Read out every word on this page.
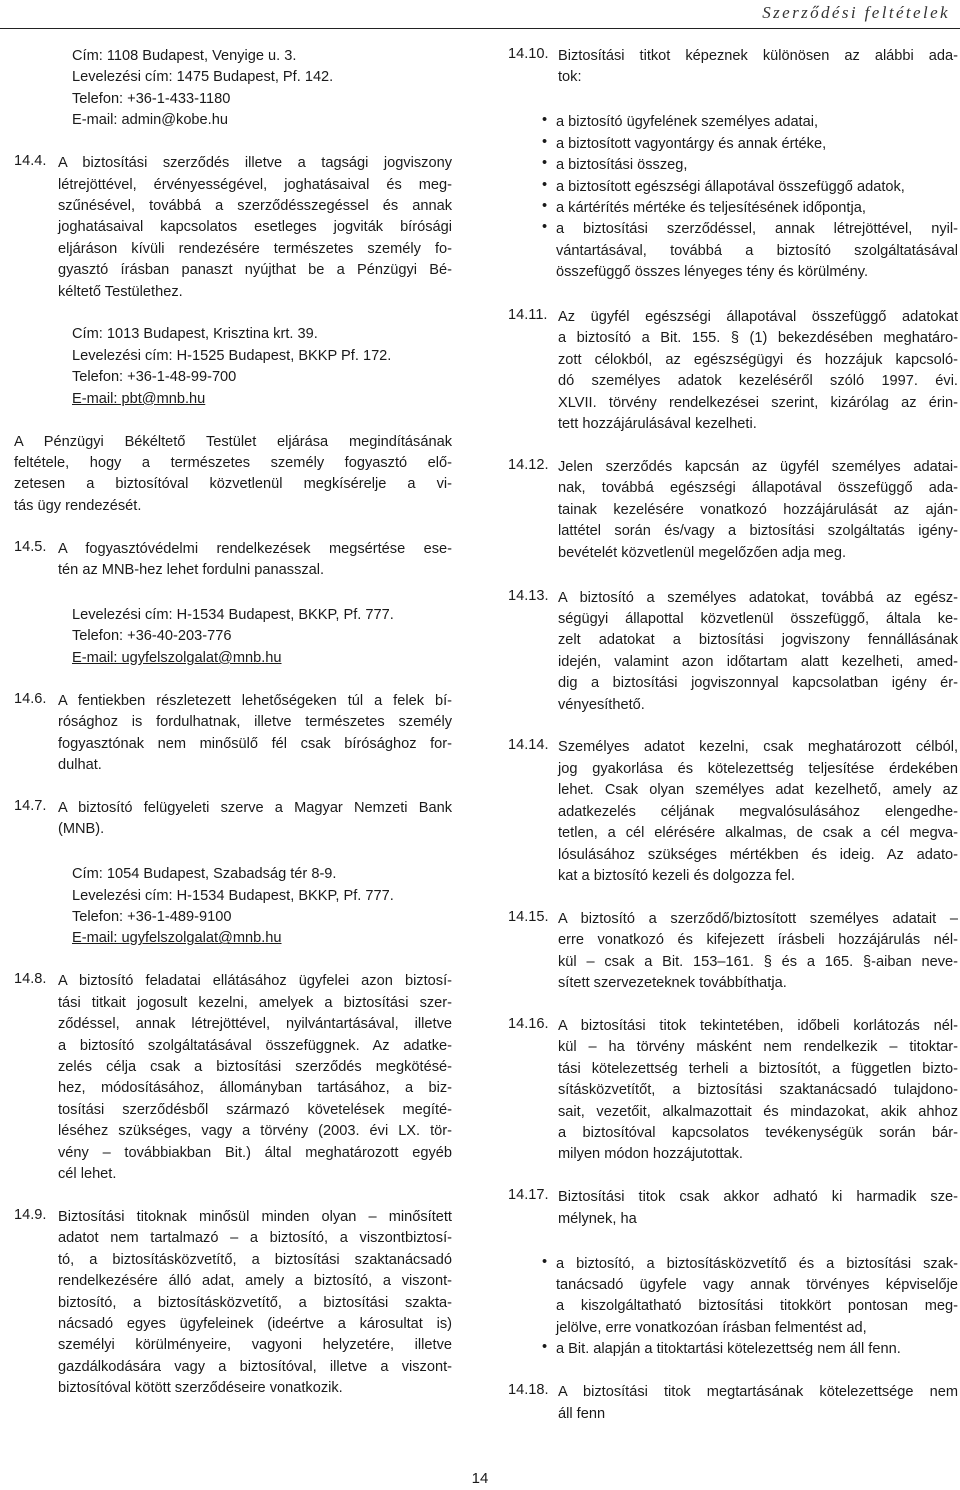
Szerződési feltételek
Cím: 1108 Budapest, Venyige u. 3.
Levelezési cím: 1475 Budapest, Pf. 142.
Telefon: +36-1-433-1180
E-mail: admin@kobe.hu
14.4. A biztosítási szerződés illetve a tagsági jogviszony
létrejöttével, érvényességével, joghatásaival és meg-
szűnésével, továbbá a szerződésszegéssel és annak
joghatásaival kapcsolatos esetleges jogviták bírósági
eljáráson kívüli rendezésére természetes személy fo-
gyasztó írásban panaszt nyújthat be a Pénzügyi Bé-
kéltető Testülethez.
Cím: 1013 Budapest, Krisztina krt. 39.
Levelezési cím: H-1525 Budapest, BKKP Pf. 172.
Telefon: +36-1-48-99-700
E-mail: pbt@mnb.hu
A Pénzügyi Békéltető Testület eljárása megindításának
feltétele, hogy a természetes személy fogyasztó elő-
zetesen a biztosítóval közvetlenül megkísérelje a vi-
tás ügy rendezését.
14.5. A fogyasztóvédelmi rendelkezések megsértése ese-
tén az MNB-hez lehet fordulni panasszal.
Levelezési cím: H-1534 Budapest, BKKP, Pf. 777.
Telefon: +36-40-203-776
E-mail: ugyfelszolgalat@mnb.hu
14.6. A fentiekben részletezett lehetőségeken túl a felek bí-
rósághoz is fordulhatnak, illetve természetes személy
fogyasztónak nem minősülő fél csak bírósághoz for-
dulhat.
14.7. A biztosító felügyeleti szerve a Magyar Nemzeti Bank
(MNB).
Cím: 1054 Budapest, Szabadság tér 8-9.
Levelezési cím: H-1534 Budapest, BKKP, Pf. 777.
Telefon: +36-1-489-9100
E-mail: ugyfelszolgalat@mnb.hu
14.8. A biztosító feladatai ellátásához ügyfelei azon biztosí-
tási titkait jogosult kezelni, amelyek a biztosítási szer-
ződéssel, annak létrejöttével, nyilvántartásával, illetve
a biztosító szolgáltatásával összefüggnek. Az adatke-
zelés célja csak a biztosítási szerződés megkötésé-
hez, módosításához, állományban tartásához, a biz-
tosítási szerződésből származó követelések megíté-
léséhez szükséges, vagy a törvény (2003. évi LX. tör-
vény – továbbiakban Bit.) által meghatározott egyéb
cél lehet.
14.9. Biztosítási titoknak minősül minden olyan – minősített
adatot nem tartalmazó – a biztosító, a viszontbiztosí-
tó, a biztosításközvetítő, a biztosítási szaktanácsadó
rendelkezésére álló adat, amely a biztosító, a viszont-
biztosító, a biztosításközvetítő, a biztosítási szakta-
nácsadó egyes ügyfeleinek (ideértve a károsultat is)
személyi körülményeire, vagyoni helyzetére, illetve
gazdálkodására vagy a biztosítóval, illetve a viszont-
biztosítóval kötött szerződéseire vonatkozik.
14.10. Biztosítási titkot képeznek különösen az alábbi ada-
tok:
• a biztosító ügyfelének személyes adatai,
• a biztosított vagyontárgy és annak értéke,
• a biztosítási összeg,
• a biztosított egészségi állapotával összefüggő adatok,
• a kártérítés mértéke és teljesítésének időpontja,
• a biztosítási szerződéssel, annak létrejöttével, nyil-
vántartásával, továbbá a biztosító szolgáltatásával
összefüggő összes lényeges tény és körülmény.
14.11. Az ügyfél egészségi állapotával összefüggő adatokat
a biztosító a Bit. 155. § (1) bekezdésében meghatáro-
zott célokból, az egészségügyi és hozzájuk kapcsoló-
dó személyes adatok kezeléséről szóló 1997. évi.
XLVII. törvény rendelkezései szerint, kizárólag az érin-
tett hozzájárulásával kezelheti.
14.12. Jelen szerződés kapcsán az ügyfél személyes adatai-
nak, továbbá egészségi állapotával összefüggő ada-
tainak kezelésére vonatkozó hozzájárulását az aján-
lattétel során és/vagy a biztosítási szolgáltatás igény-
bevételét közvetlenül megelőzően adja meg.
14.13. A biztosító a személyes adatokat, továbbá az egész-
ségügyi állapottal közvetlenül összefüggő, általa ke-
zelt adatokat a biztosítási jogviszony fennállásának
idején, valamint azon időtartam alatt kezelheti, amed-
dig a biztosítási jogviszonnyal kapcsolatban igény ér-
vényesíthető.
14.14. Személyes adatot kezelni, csak meghatározott célból,
jog gyakorlása és kötelezettség teljesítése érdekében
lehet. Csak olyan személyes adat kezelhető, amely az
adatkezelés céljának megvalósulásához elengedhe-
tetlen, a cél elérésére alkalmas, de csak a cél megva-
lósulásához szükséges mértékben és ideig. Az adato-
kat a biztosító kezeli és dolgozza fel.
14.15. A biztosító a szerződő/biztosított személyes adatait –
erre vonatkozó és kifejezett írásbeli hozzájárulás nél-
kül – csak a Bit. 153–161. § és a 165. §-aiban neve-
sített szervezeteknek továbbíthatja.
14.16. A biztosítási titok tekintetében, időbeli korlátozás nél-
kül – ha törvény másként nem rendelkezik – titoktar-
tási kötelezettség terheli a biztosítót, a független bizto-
sításközvetítőt, a biztosítási szaktanácsadó tulajdono-
sait, vezetőit, alkalmazottait és mindazokat, akik ahhoz
a biztosítóval kapcsolatos tevékenységük során bár-
milyen módon hozzájutottak.
14.17. Biztosítási titok csak akkor adható ki harmadik sze-
mélynek, ha
• a biztosító, a biztosításközvetítő és a biztosítási szak-
tanácsadó ügyfele vagy annak törvényes képviselője
a kiszolgáltatható biztosítási titokkört pontosan meg-
jelölve, erre vonatkozóan írásban felmentést ad,
• a Bit. alapján a titoktartási kötelezettség nem áll fenn.
14.18. A biztosítási titok megtartásának kötelezettsége nem
áll fenn
14
